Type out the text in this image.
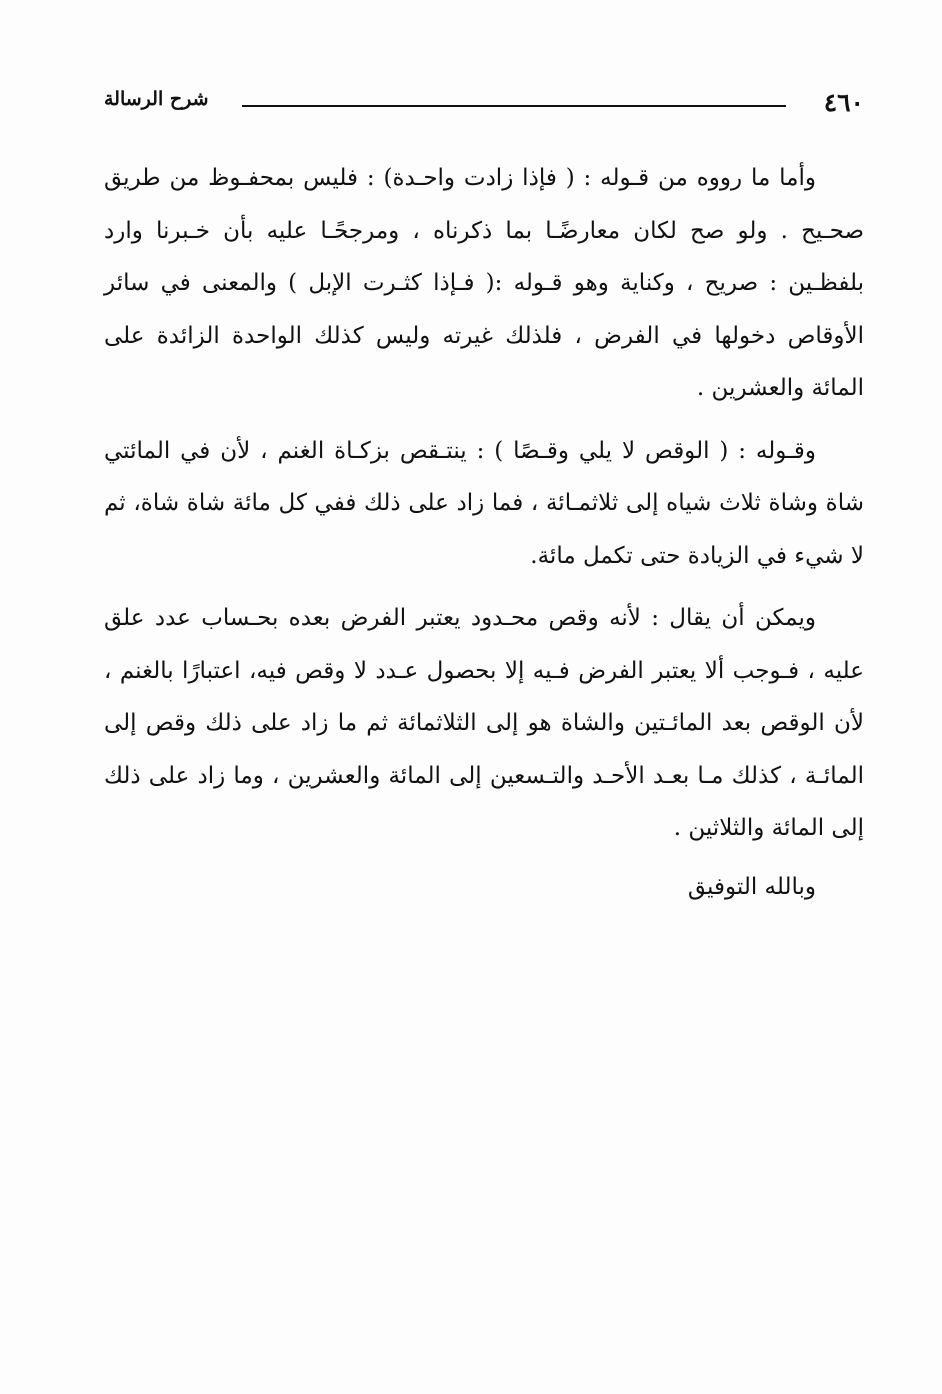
٤٦٠
شرح الرسالة

وأما ما رووه من قـوله : ( فإذا زادت واحـدة) : فليس بمحفـوظ من طريق صحـيح . ولو صح لكان معارضًـا بما ذكرناه ، ومرجحًـا عليه بأن خـبرنا وارد بلفظـين : صريح ، وكناية وهو قـوله :( فـإذا كثـرت الإبل ) والمعنى في سائر الأوقاص دخولها في الفرض ، فلذلك غيرته وليس كذلك الواحدة الزائدة على المائة والعشرين .

وقـوله : ( الوقص لا يلي وقـصًا ) : ينتـقص بزكـاة الغنم ، لأن في المائتي شاة وشاة ثلاث شياه إلى ثلاثمـائة ، فما زاد على ذلك ففي كل مائة شاة شاة، ثم لا شيء في الزيادة حتى تكمل مائة.

ويمكن أن يقال : لأنه وقص محـدود يعتبر الفرض بعده بحـساب عدد علق عليه ، فـوجب ألا يعتبر الفرض فـيه إلا بحصول عـدد لا وقص فيه، اعتبارًا بالغنم ، لأن الوقص بعد المائـتين والشاة هو إلى الثلاثمائة ثم ما زاد على ذلك وقص إلى المائـة ، كذلك مـا بعـد الأحـد والتـسعين إلى المائة والعشرين ، وما زاد على ذلك إلى المائة والثلاثين .

وبالله التوفيق
